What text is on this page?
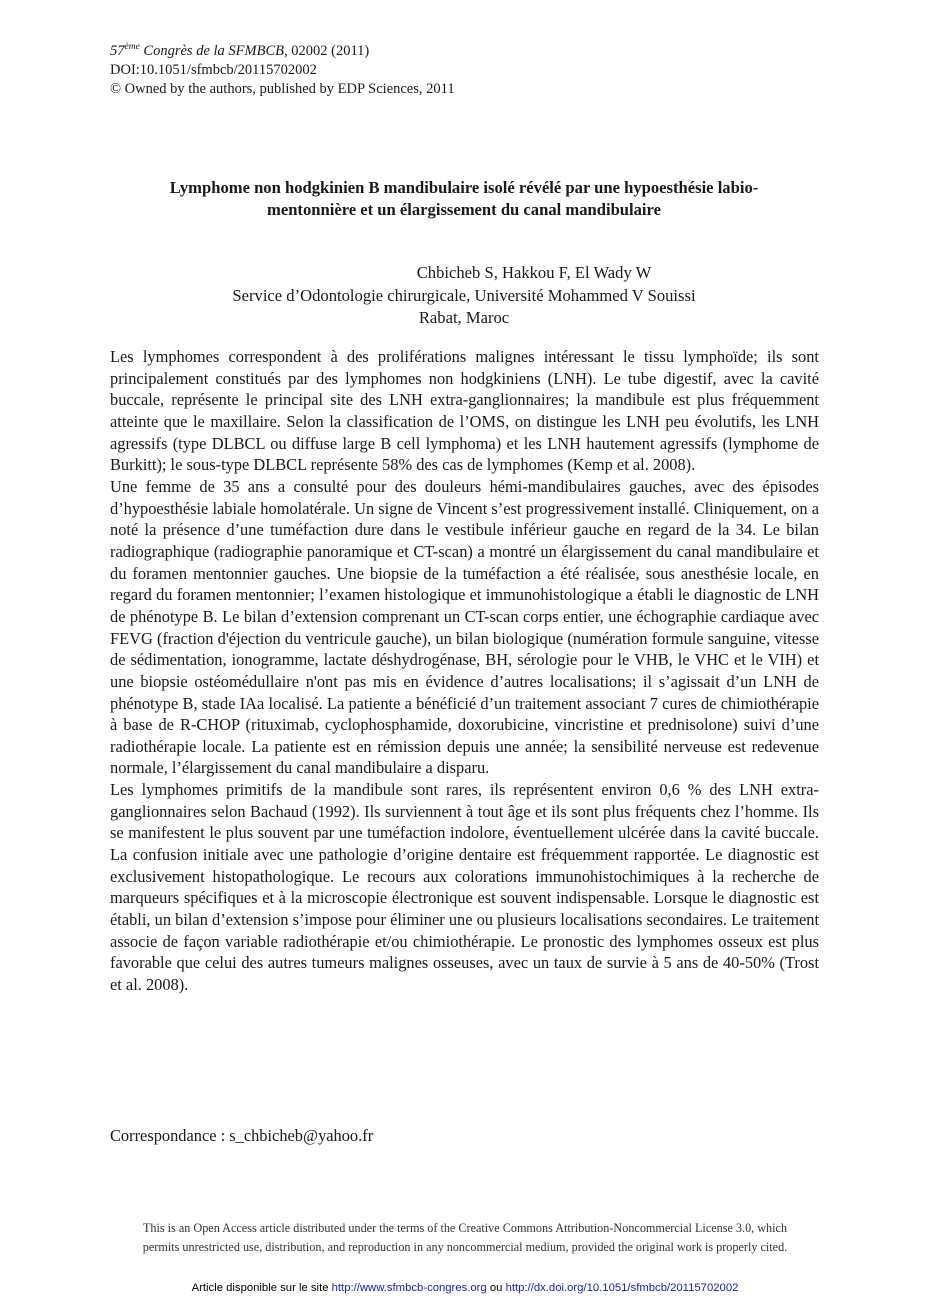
57ème Congrès de la SFMBCB, 02002 (2011)
DOI:10.1051/sfmbcb/20115702002
© Owned by the authors, published by EDP Sciences, 2011
Lymphome non hodgkinien B mandibulaire isolé révélé par une hypoesthésie labio-
mentonnière et un élargissement du canal mandibulaire
Chbicheb S, Hakkou F, El Wady W
Service d’Odontologie chirurgicale, Université Mohammed V Souissi
Rabat, Maroc

Les lymphomes correspondent à des proliférations malignes intéressant le tissu lymphoïde; ils sont principalement constitués par des lymphomes non hodgkiniens (LNH). Le tube digestif, avec la cavité buccale, représente le principal site des LNH extra-ganglionnaires; la mandibule est plus fréquemment atteinte que le maxillaire. Selon la classification de l’OMS, on distingue les LNH peu évolutifs, les LNH agressifs (type DLBCL ou diffuse large B cell lymphoma) et les LNH hautement agressifs (lymphome de Burkitt); le sous-type DLBCL représente 58% des cas de lymphomes (Kemp et al. 2008).

Une femme de 35 ans a consulté pour des douleurs hémi-mandibulaires gauches, avec des épisodes d’hypoesthésie labiale homolatérale. Un signe de Vincent s’est progressivement installé. Cliniquement, on a noté la présence d’une tuméfaction dure dans le vestibule inférieur gauche en regard de la 34. Le bilan radiographique (radiographie panoramique et CT-scan) a montré un élargissement du canal mandibulaire et du foramen mentonnier gauches. Une biopsie de la tuméfaction a été réalisée, sous anesthésie locale, en regard du foramen mentonnier; l’examen histologique et immunohistologique a établi le diagnostic de LNH de phénotype B. Le bilan d’extension comprenant un CT-scan corps entier, une échographie cardiaque avec FEVG (fraction d'éjection du ventricule gauche), un bilan biologique (numération formule sanguine, vitesse de sédimentation, ionogramme, lactate déshydrogénase, BH, sérologie pour le VHB, le VHC et le VIH) et une biopsie ostéomédullaire n'ont pas mis en évidence d’autres localisations; il s’agissait d’un LNH de phénotype B, stade IAa localisé. La patiente a bénéficié d’un traitement associant 7 cures de chimiothérapie à base de R-CHOP (rituximab, cyclophosphamide, doxorubicine, vincristine et prednisolone) suivi d’une radiothérapie locale. La patiente est en rémission depuis une année; la sensibilité nerveuse est redevenue normale, l’élargissement du canal mandibulaire a disparu.

Les lymphomes primitifs de la mandibule sont rares, ils représentent environ 0,6 % des LNH extra-ganglionnaires selon Bachaud (1992). Ils surviennent à tout âge et ils sont plus fréquents chez l’homme. Ils se manifestent le plus souvent par une tuméfaction indolore, éventuellement ulcérée dans la cavité buccale. La confusion initiale avec une pathologie d’origine dentaire est fréquemment rapportée. Le diagnostic est exclusivement histopathologique. Le recours aux colorations immunohistochimiques à la recherche de marqueurs spécifiques et à la microscopie électronique est souvent indispensable. Lorsque le diagnostic est établi, un bilan d’extension s’impose pour éliminer une ou plusieurs localisations secondaires. Le traitement associe de façon variable radiothérapie et/ou chimiothérapie. Le pronostic des lymphomes osseux est plus favorable que celui des autres tumeurs malignes osseuses, avec un taux de survie à 5 ans de 40-50% (Trost et al. 2008).

Correspondance : s_chbicheb@yahoo.fr
This is an Open Access article distributed under the terms of the Creative Commons Attribution-Noncommercial License 3.0, which
permits unrestricted use, distribution, and reproduction in any noncommercial medium, provided the original work is properly cited.
Article disponible sur le site http://www.sfmbcb-congres.org ou http://dx.doi.org/10.1051/sfmbcb/20115702002
